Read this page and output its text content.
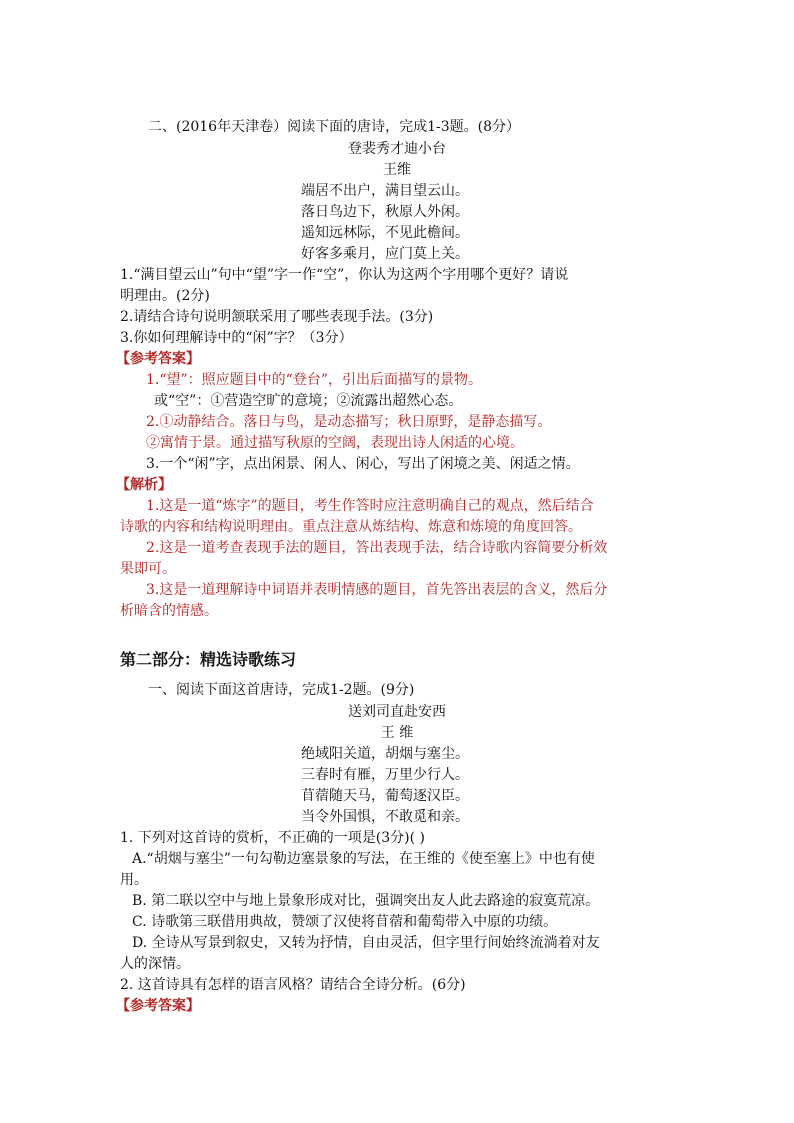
二、(2016年天津卷）阅读下面的唐诗，完成1-3题。(8分）
登裴秀才迪小台
王维
端居不出户，满目望云山。
落日鸟边下，秋原人外闲。
遥知远林际，不见此檐间。
好客多乘月，应门莫上关。
1.“满目望云山”句中“望”字一作“空”，你认为这两个字用哪个更好？请说
明理由。(2分)
2.请结合诗句说明颔联采用了哪些表现手法。(3分)
3.你如何理解诗中的“闲”字？（3分）
【参考答案】
1.“望”：照应题目中的“登台”，引出后面描写的景物。
或“空”：①营造空旷的意境；②流露出超然心态。
2.①动静结合。落日与鸟，是动态描写；秋日原野，是静态描写。
②寓情于景。通过描写秋原的空阔，表现出诗人闲适的心境。
3.一个“闲”字，点出闲景、闲人、闲心，写出了闲境之美、闲适之情。
【解析】
1.这是一道“炼字”的题目，考生作答时应注意明确自己的观点，然后结合
诗歌的内容和结构说明理由。重点注意从炼结构、炼意和炼境的角度回答。
2.这是一道考查表现手法的题目，答出表现手法，结合诗歌内容简要分析效
果即可。
3.这是一道理解诗中词语并表明情感的题目，首先答出表层的含义，然后分
析暗含的情感。
第二部分：精选诗歌练习
一、阅读下面这首唐诗，完成1-2题。(9分)
送刘司直赴安西
王 维
绝域阳关道，胡烟与塞尘。
三春时有雁，万里少行人。
苜蓿随天马，葡萄逐汉臣。
当令外国惧，不敢觅和亲。
1. 下列对这首诗的赏析，不正确的一项是(3分)( )
A.“胡烟与塞尘”一句勾勒边塞景象的写法，在王维的《使至塞上》中也有使
用。
B. 第二联以空中与地上景象形成对比，强调突出友人此去路途的寂寞荒凉。
C. 诗歌第三联借用典故，赞颂了汉使将苜蓿和葡萄带入中原的功绩。
D. 全诗从写景到叙史，又转为抒情，自由灵活，但字里行间始终流淌着对友
人的深情。
2. 这首诗具有怎样的语言风格？请结合全诗分析。(6分)
【参考答案】
